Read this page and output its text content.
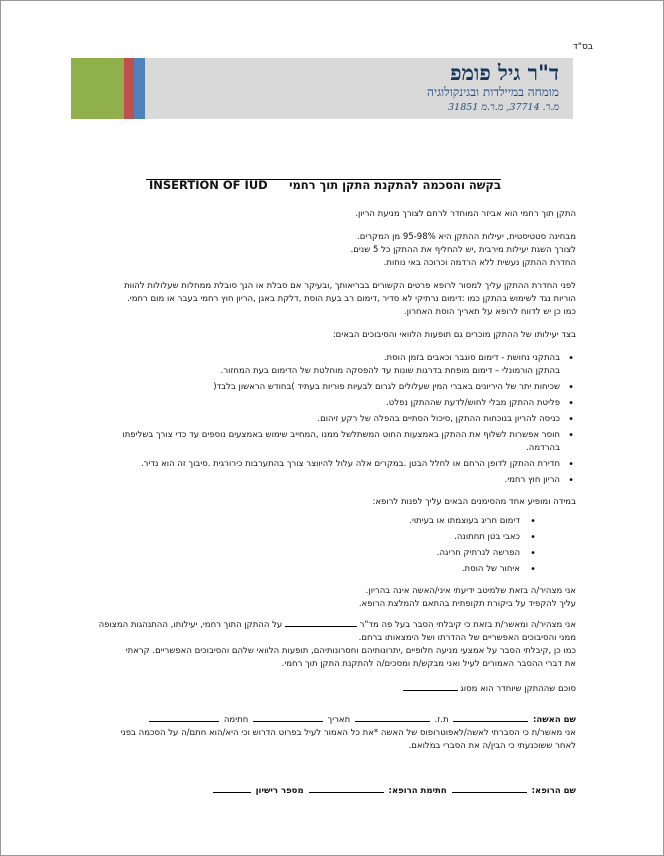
בס"ד
ד"ר גיל פומפ
מומחה במיילדות ובגינקולוגיה
מ.ר. 37714, מ.ר.מ 31851
INSERTION OF IUD בקשה והסכמה להתקנת התקן תוך רחמי

התקן תוך רחמי הוא אביזר המוחדר לרחם לצורך מניעת הריון.

מבחינה סטטיסטית, יעילות ההתקן היא 95-98% מן המקרים.

לצורך השגת יעילות מירבית ,יש להחליף את ההתקן כל 5 שנים.

החדרת ההתקן נעשית ללא הרדמה וכרוכה באי נוחות.

לפני החדרת ההתקן עליך למסור לרופא פרטים הקשורים בבריאותך ,ובעיקר אם סבלת או הנך סובלת ממחלות שעלולות להוות

הוריות נגד לשימוש בהתקן כמו :דימום נרתיקי לא סדיר ,דימום רב בעת הוסת ,דלקת באגן ,הריון חוץ רחמי בעבר או מום רחמי.

כמו כן יש לדווח לרופא על תאריך הוסת האחרון.

בצד יעילותו של ההתקן מוכרים גם תופעות הלוואי והסיבוכים הבאים:

• בהתקני נחושת - דימום סוגבר וכאבים בזמן הוסת.
בהתקן הורמונלי – דימום מופחת בדרגות שונות עד להפסקה מוחלטת של הדימום בעת המחזור.
• שכיחות יתר של היריונים באברי המין שעלולים לגרום לבעיות פוריות בעתיד )בחודש הראשון בלבד(
• פליטת ההתקן מבלי לחוש/לדעת שההתקן נפלט.
• כניסה להריון בנוכחות ההתקן ,סיכול הסתיים בהפלה של רקע זיהום.
• חוסר אפשרות לשלוף את ההתקן באמצעות החוט המשתלשל ממנו ,המחייב שימוש באמצעים נוספים עד כדי צורך בשליפתו
בהרדמה.
• חדירת ההתקן לדופן הרחם או לחלל הבטן .במקרים אלה עלול להיווצר צורך בהתערבות כירורגית .סיבוך זה הוא נדיר.
• הריון חוץ רחמי.

במידה ומופיע אחד מהסימנים הבאים עליך לפנות לרופא:

• דימום חריג בעוצמתו או בעיתוי.
• כאבי בטן תחתונה.
• הפרשה לנרתיק חריגה.
• איחור של הוסת.

אני מצהיר/ה בזאת שלמיטב ידיעתי איני/האשה אינה בהריון.

עליך להקפיד על ביקורת תקופתית בהתאם להמלצת הרופא.

אני מצהיר/ה ומאשר/ת בזאת כי קיבלתי הסבר בעל פה מד"ר  על ההתקן התוך רחמי, יעילותו, ההתנהגות המצופה

ממני והסיבוכים האפשריים של ההדרתו ושל הימצאותו ברחם.

כמו כן ,קיבלתי הסבר על אמצעי מניעה חלופיים ,יתרונותיהם וחסרונותיהם, תופעות הלוואי שלהם והסיבוכים האפשריים. קראתי

את דברי ההסבר האמורים לעיל ואני מבקש/ת ומסכים/ה להתקנת התקן תוך רחמי.

סוכם שההתקן שיוחדר הוא מסוג

שם האשה:  ת.ז.  תאריך  חתימה

אני מאשר/ת כי הסברתי לאשה/לאפוטרופוס של האשה *את כל האמור לעיל בפרוט הדרוש וכי היא/הוא חתם/ה על הסכמה בפני

לאחר ששוכנעתי כי הבין/ה את הסברי במלואם.

שם הרופא:  חתימת הרופא:  מספר רישיון
